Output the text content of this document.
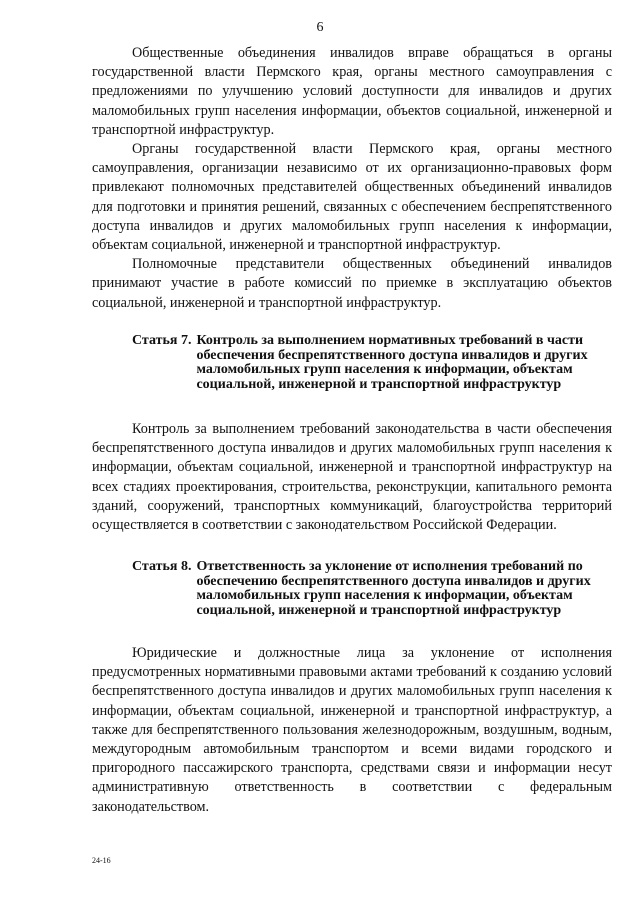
6

Общественные объединения инвалидов вправе обращаться в органы государственной власти Пермского края, органы местного самоуправления с предложениями по улучшению условий доступности для инвалидов и других маломобильных групп населения информации, объектов социальной, инженерной и транспортной инфраструктур.

Органы государственной власти Пермского края, органы местного самоуправления, организации независимо от их организационно-правовых форм привлекают полномочных представителей общественных объединений инвалидов для подготовки и принятия решений, связанных с обеспечением беспрепятственного доступа инвалидов и других маломобильных групп населения к информации, объектам социальной, инженерной и транспортной инфраструктур.

Полномочные представители общественных объединений инвалидов принимают участие в работе комиссий по приемке в эксплуатацию объектов социальной, инженерной и транспортной инфраструктур.

Статья 7. Контроль за выполнением нормативных требований в части обеспечения беспрепятственного доступа инвалидов и других маломобильных групп населения к информации, объектам социальной, инженерной и транспортной инфраструктур

Контроль за выполнением требований законодательства в части обеспечения беспрепятственного доступа инвалидов и других маломобильных групп населения к информации, объектам социальной, инженерной и транспортной инфраструктур на всех стадиях проектирования, строительства, реконструкции, капитального ремонта зданий, сооружений, транспортных коммуникаций, благоустройства территорий осуществляется в соответствии с законодательством Российской Федерации.

Статья 8. Ответственность за уклонение от исполнения требований по обеспечению беспрепятственного доступа инвалидов и других маломобильных групп населения к информации, объектам социальной, инженерной и транспортной инфраструктур

Юридические и должностные лица за уклонение от исполнения предусмотренных нормативными правовыми актами требований к созданию условий беспрепятственного доступа инвалидов и других маломобильных групп населения к информации, объектам социальной, инженерной и транспортной инфраструктур, а также для беспрепятственного пользования железнодорожным, воздушным, водным, междугородным автомобильным транспортом и всеми видами городского и пригородного пассажирского транспорта, средствами связи и информации несут административную ответственность в соответствии с федеральным законодательством.

24-16
